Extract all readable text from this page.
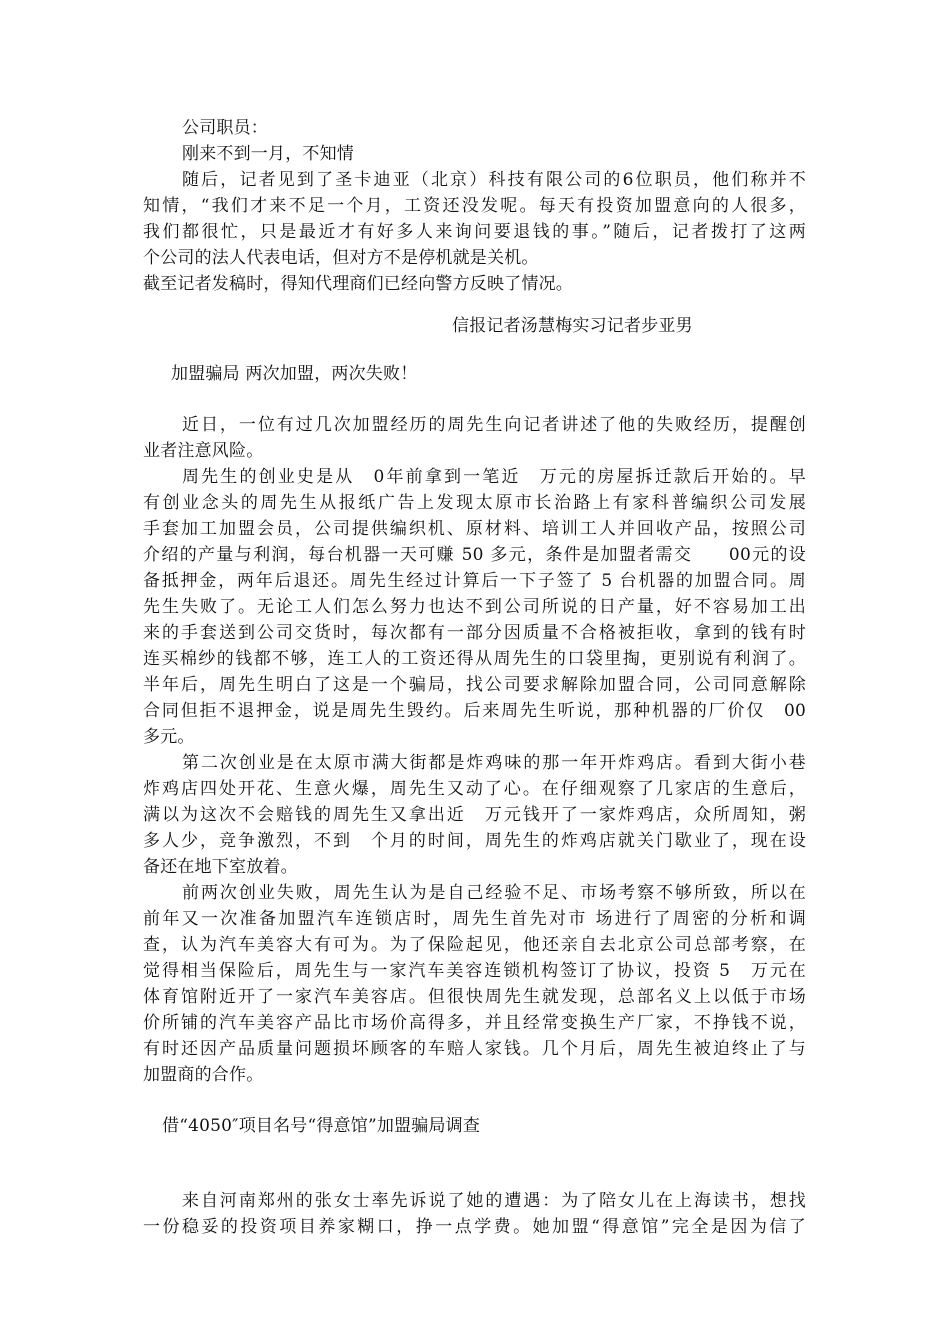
公司职员：
刚来不到一月，不知情
随后，记者见到了圣卡迪亚（北京）科技有限公司的6位职员，他们称并不
知情，“我们才来不足一个月，工资还没发呢。每天有投资加盟意向的人很多，
我们都很忙，只是最近才有好多人来询问要退钱的事。”随后，记者拨打了这两
个公司的法人代表电话，但对方不是停机就是关机。
截至记者发稿时，得知代理商们已经向警方反映了情况。
信报记者汤慧梅实习记者步亚男
加盟骗局 两次加盟，两次失败！
近日，一位有过几次加盟经历的周先生向记者讲述了他的失败经历，提醒创
业者注意风险。
周先生的创业史是从　0年前拿到一笔近　万元的房屋拆迁款后开始的。早
有创业念头的周先生从报纸广告上发现太原市长治路上有家科普编织公司发展
手套加工加盟会员，公司提供编织机、原材料、培训工人并回收产品，按照公司
介绍的产量与利润，每台机器一天可赚 50 多元，条件是加盟者需交　　00元的设
备抵押金，两年后退还。周先生经过计算后一下子签了 5 台机器的加盟合同。周
先生失败了。无论工人们怎么努力也达不到公司所说的日产量，好不容易加工出
来的手套送到公司交货时，每次都有一部分因质量不合格被拒收，拿到的钱有时
连买棉纱的钱都不够，连工人的工资还得从周先生的口袋里掏，更别说有利润了。
半年后，周先生明白了这是一个骗局，找公司要求解除加盟合同，公司同意解除
合同但拒不退押金，说是周先生毁约。后来周先生听说，那种机器的厂价仅　00
多元。
第二次创业是在太原市满大街都是炸鸡味的那一年开炸鸡店。看到大街小巷
炸鸡店四处开花、生意火爆，周先生又动了心。在仔细观察了几家店的生意后，
满以为这次不会赔钱的周先生又拿出近　万元钱开了一家炸鸡店，众所周知，粥
多人少，竞争激烈，不到　个月的时间，周先生的炸鸡店就关门歇业了，现在设
备还在地下室放着。
前两次创业失败，周先生认为是自己经验不足、市场考察不够所致，所以在
前年又一次准备加盟汽车连锁店时，周先生首先对市 场进行了周密的分析和调
查，认为汽车美容大有可为。为了保险起见，他还亲自去北京公司总部考察，在
觉得相当保险后，周先生与一家汽车美容连锁机构签订了协议，投资 5　万元在
体育馆附近开了一家汽车美容店。但很快周先生就发现，总部名义上以低于市场
价所铺的汽车美容产品比市场价高得多，并且经常变换生产厂家，不挣钱不说，
有时还因产品质量问题损坏顾客的车赔人家钱。几个月后，周先生被迫终止了与
加盟商的合作。
借“4050″项目名号“得意馆”加盟骗局调查
来自河南郑州的张女士率先诉说了她的遭遇：为了陪女儿在上海读书，想找
一份稳妥的投资项目养家糊口，挣一点学费。她加盟“得意馆”完全是因为信了
